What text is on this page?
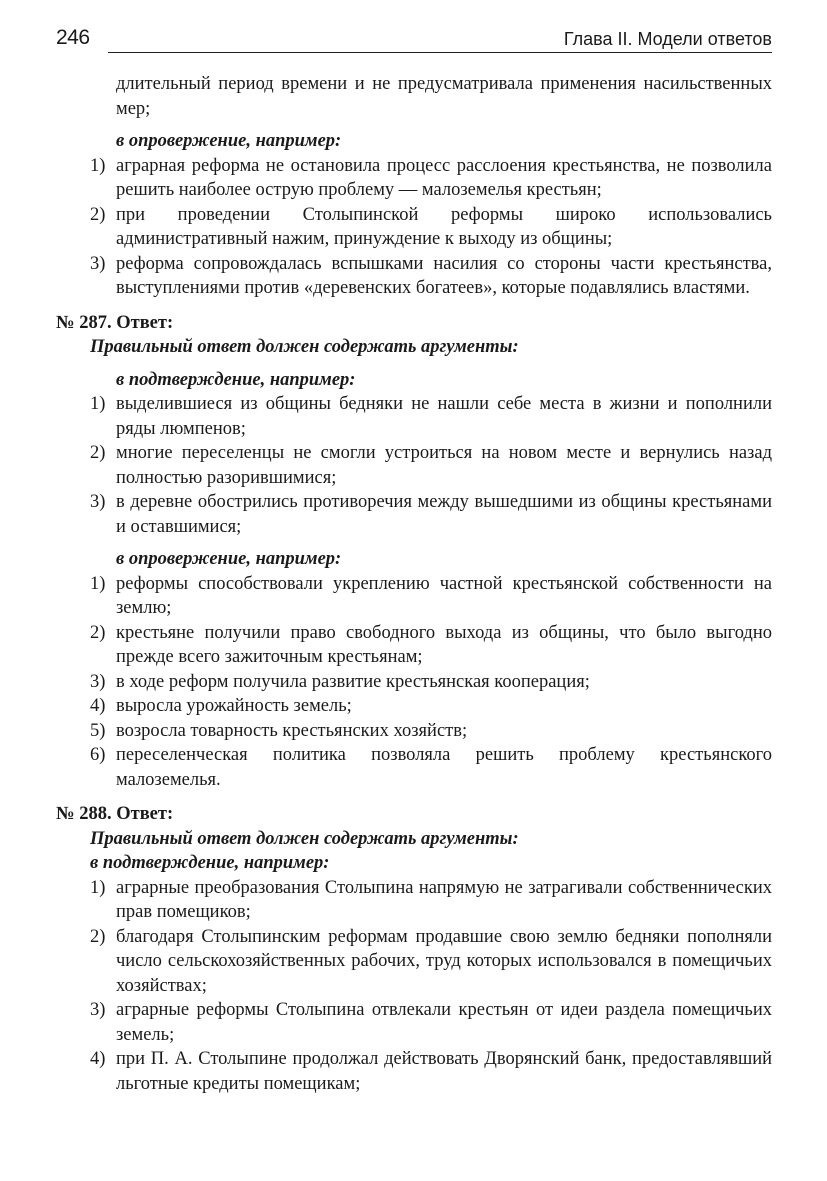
246	Глава II. Модели ответов

длительный период времени и не предусматривала применения насильственных мер;

в опровержение, например:

1) аграрная реформа не остановила процесс расслоения крестьянства, не позволила решить наиболее острую проблему — малоземелья крестьян;
2) при проведении Столыпинской реформы широко использовались административный нажим, принуждение к выходу из общины;
3) реформа сопровождалась вспышками насилия со стороны части крестьянства, выступлениями против «деревенских богатеев», которые подавлялись властями.

№ 287. Ответ:

Правильный ответ должен содержать аргументы:

в подтверждение, например:

1) выделившиеся из общины бедняки не нашли себе места в жизни и пополнили ряды люмпенов;
2) многие переселенцы не смогли устроиться на новом месте и вернулись назад полностью разорившимися;
3) в деревне обострились противоречия между вышедшими из общины крестьянами и оставшимися;

в опровержение, например:

1) реформы способствовали укреплению частной крестьянской собственности на землю;
2) крестьяне получили право свободного выхода из общины, что было выгодно прежде всего зажиточным крестьянам;
3) в ходе реформ получила развитие крестьянская кооперация;
4) выросла урожайность земель;
5) возросла товарность крестьянских хозяйств;
6) переселенческая политика позволяла решить проблему крестьянского малоземелья.

№ 288. Ответ:

Правильный ответ должен содержать аргументы:

в подтверждение, например:

1) аграрные преобразования Столыпина напрямую не затрагивали собственнических прав помещиков;
2) благодаря Столыпинским реформам продавшие свою землю бедняки пополняли число сельскохозяйственных рабочих, труд которых использовался в помещичьих хозяйствах;
3) аграрные реформы Столыпина отвлекали крестьян от идеи раздела помещичьих земель;
4) при П. А. Столыпине продолжал действовать Дворянский банк, предоставлявший льготные кредиты помещикам;
